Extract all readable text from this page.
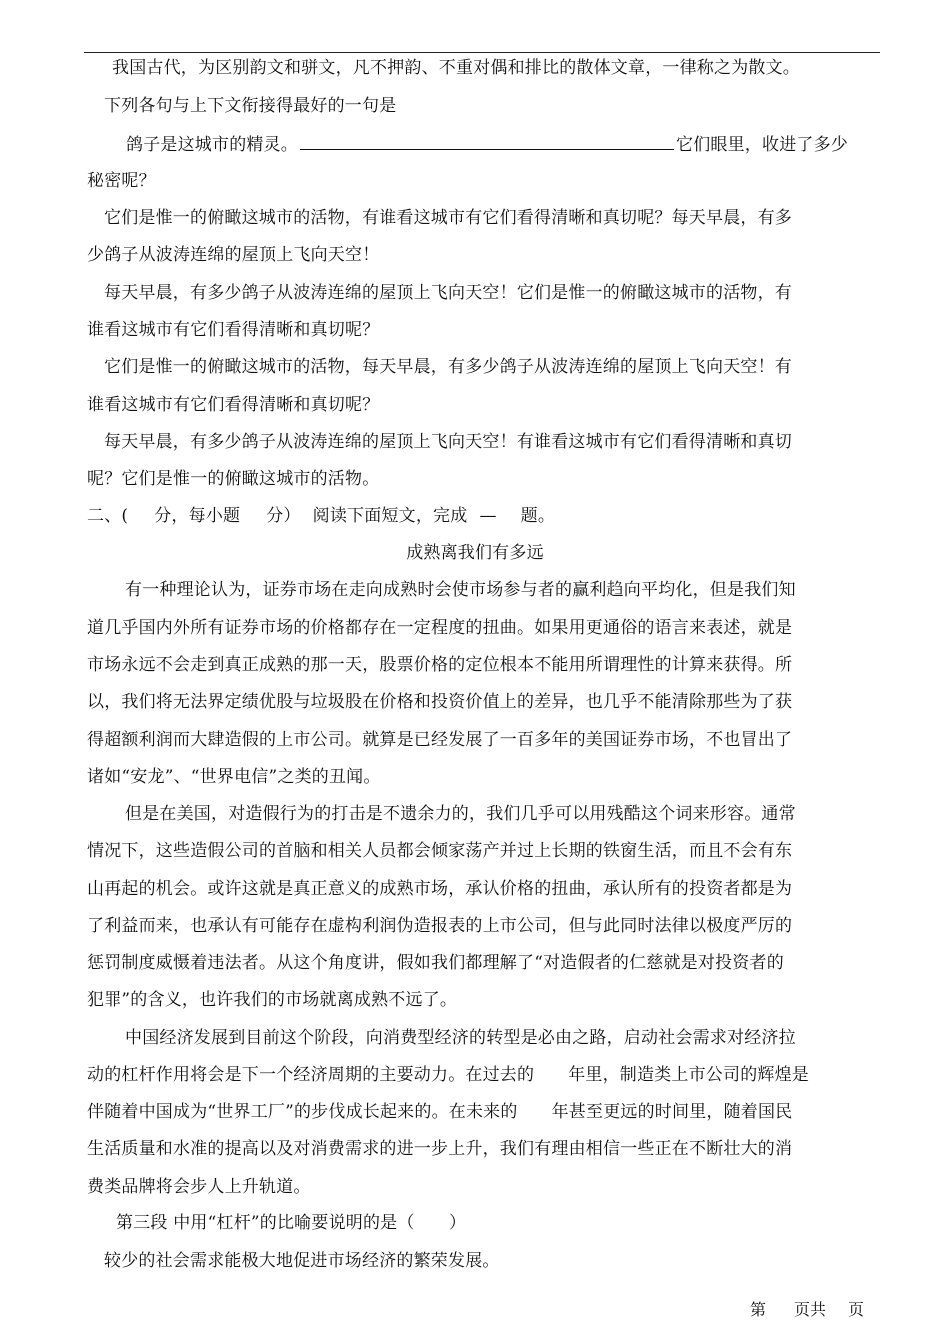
我国古代，为区别韵文和骈文，凡不押韵、不重对偶和排比的散体文章，一律称之为散文。
下列各句与上下文衔接得最好的一句是
鸽子是这城市的精灵。	它们眼里，收进了多少
秘密呢？
它们是惟一的俯瞰这城市的活物，有谁看这城市有它们看得清晰和真切呢？每天早晨，有多
少鸽子从波涛连绵的屋顶上飞向天空！
每天早晨，有多少鸽子从波涛连绵的屋顶上飞向天空！它们是惟一的俯瞰这城市的活物，有
谁看这城市有它们看得清晰和真切呢？
它们是惟一的俯瞰这城市的活物，每天早晨，有多少鸽子从波涛连绵的屋顶上飞向天空！有
谁看这城市有它们看得清晰和真切呢？
每天早晨，有多少鸽子从波涛连绵的屋顶上飞向天空！有谁看这城市有它们看得清晰和真切
呢？它们是惟一的俯瞰这城市的活物。
二、( 分，每小题 分） 阅读下面短文，完成 — 题。
成熟离我们有多远
有一种理论认为，证券市场在走向成熟时会使市场参与者的赢利趋向平均化，但是我们知
道几乎国内外所有证券市场的价格都存在一定程度的扭曲。如果用更通俗的语言来表述，就是
市场永远不会走到真正成熟的那一天，股票价格的定位根本不能用所谓理性的计算来获得。所
以，我们将无法界定绩优股与垃圾股在价格和投资价值上的差异，也几乎不能清除那些为了获
得超额利润而大肆造假的上市公司。就算是已经发展了一百多年的美国证券市场，不也冒出了
诸如“安龙”、“世界电信”之类的丑闻。
但是在美国，对造假行为的打击是不遗余力的，我们几乎可以用残酷这个词来形容。通常
情况下，这些造假公司的首脑和相关人员都会倾家荡产并过上长期的铁窗生活，而且不会有东
山再起的机会。或许这就是真正意义的成熟市场，承认价格的扭曲，承认所有的投资者都是为
了利益而来，也承认有可能存在虚构利润伪造报表的上市公司，但与此同时法律以极度严厉的
惩罚制度威慑着违法者。从这个角度讲，假如我们都理解了“对造假者的仁慈就是对投资者的
犯罪”的含义，也许我们的市场就离成熟不远了。
中国经济发展到目前这个阶段，向消费型经济的转型是必由之路，启动社会需求对经济拉
动的杠杆作用将会是下一个经济周期的主要动力。在过去的 年里，制造类上市公司的辉煌是
伴随着中国成为“世界工厂”的步伐成长起来的。在未来的 年甚至更远的时间里，随着国民
生活质量和水准的提高以及对消费需求的进一步上升，我们有理由相信一些正在不断壮大的消
费类品牌将会步人上升轨道。
第三段 中用“杠杆”的比喻要说明的是（　　）
较少的社会需求能极大地促进市场经济的繁荣发展。
第 页共 页
